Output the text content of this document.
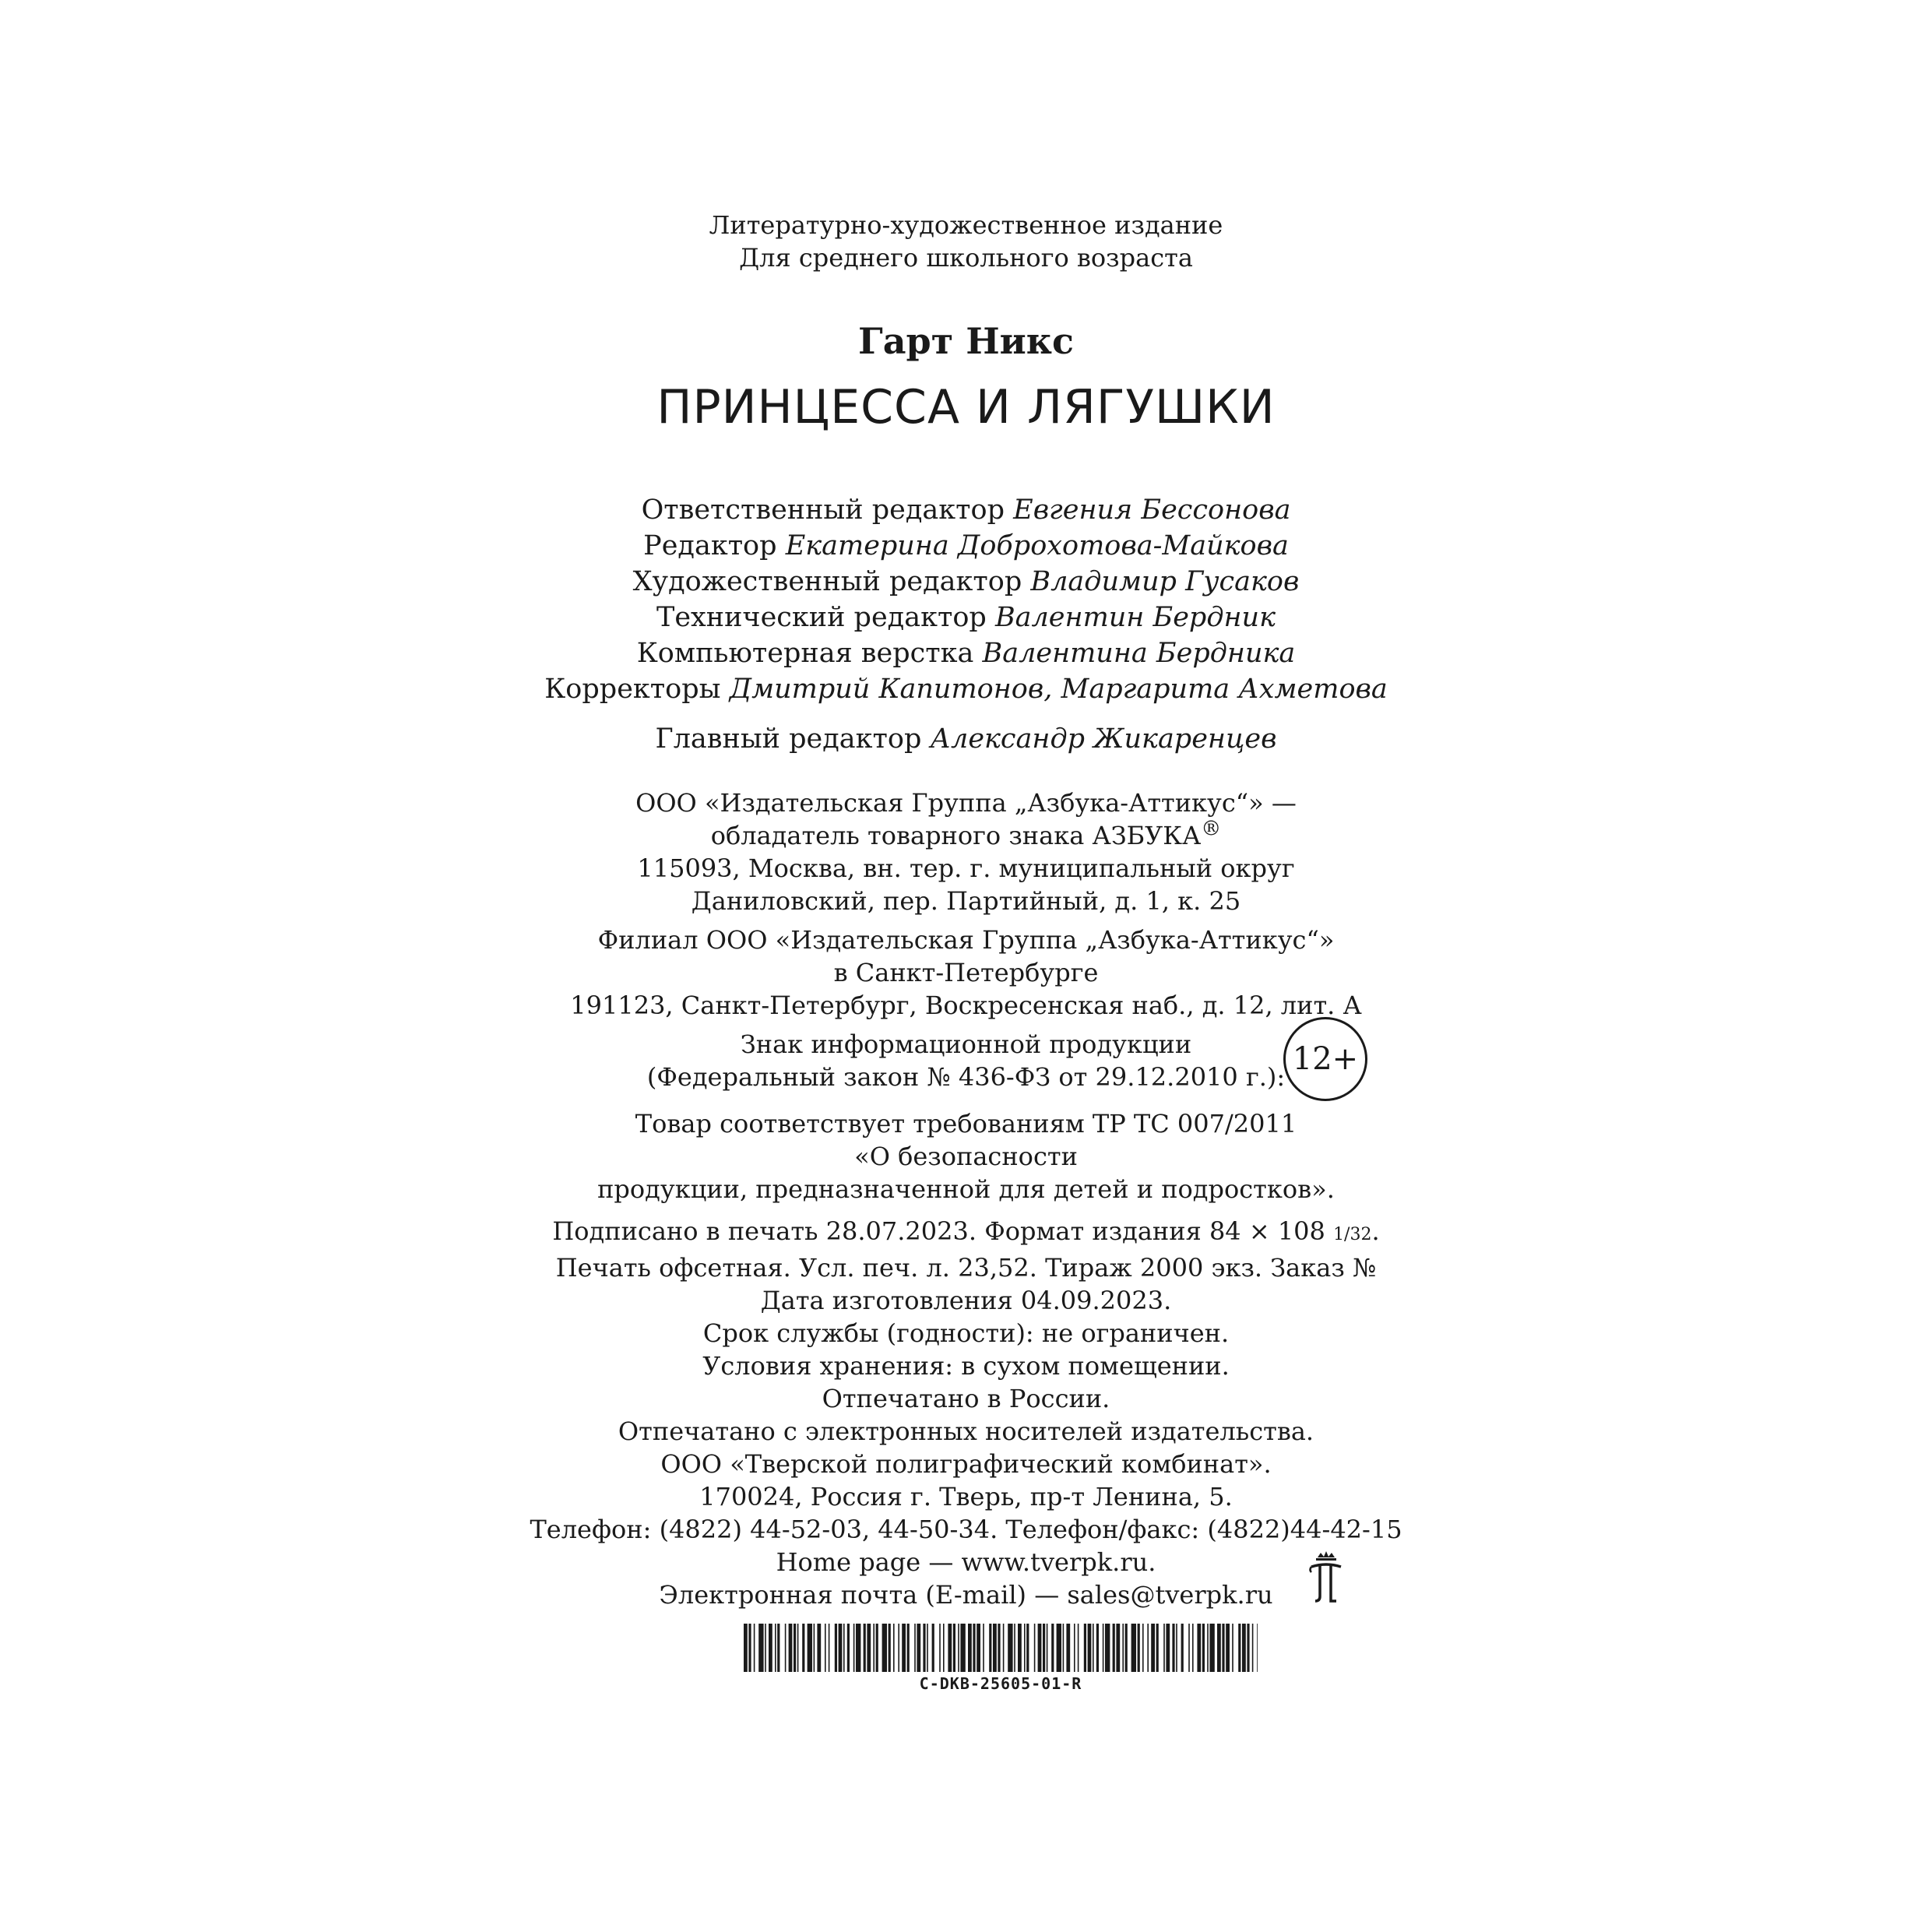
Литературно-художественное издание
Для среднего школьного возраста
Гарт Никс
ПРИНЦЕССА И ЛЯГУШКИ
Ответственный редактор Евгения Бессонова
Редактор Екатерина Доброхотова-Майкова
Художественный редактор Владимир Гусаков
Технический редактор Валентин Бердник
Компьютерная верстка Валентина Бердника
Корректоры Дмитрий Капитонов, Маргарита Ахметова
Главный редактор Александр Жикаренцев
ООО «Издательская Группа „Азбука-Аттикус“» —
обладатель товарного знака АЗБУКА®
115093, Москва, вн. тер. г. муниципальный округ
Даниловский, пер. Партийный, д. 1, к. 25
Филиал ООО «Издательская Группа „Азбука-Аттикус“»
в Санкт-Петербурге
191123, Санкт-Петербург, Воскресенская наб., д. 12, лит. А
Знак информационной продукции
(Федеральный закон № 436-ФЗ от 29.12.2010 г.): 12+
Товар соответствует требованиям ТР ТС 007/2011
«О безопасности
продукции, предназначенной для детей и подростков».
Подписано в печать 28.07.2023. Формат издания 84 × 108 1/32.
Печать офсетная. Усл. печ. л. 23,52. Тираж 2000 экз. Заказ №
Дата изготовления 04.09.2023.
Срок службы (годности): не ограничен.
Условия хранения: в сухом помещении.
Отпечатано в России.
Отпечатано с электронных носителей издательства.
ООО «Тверской полиграфический комбинат».
170024, Россия г. Тверь, пр-т Ленина, 5.
Телефон: (4822) 44-52-03, 44-50-34. Телефон/факс: (4822)44-42-15
Home page — www.tverpk.ru.
Электронная почта (E-mail) — sales@tverpk.ru
C-DKB-25605-01-R
